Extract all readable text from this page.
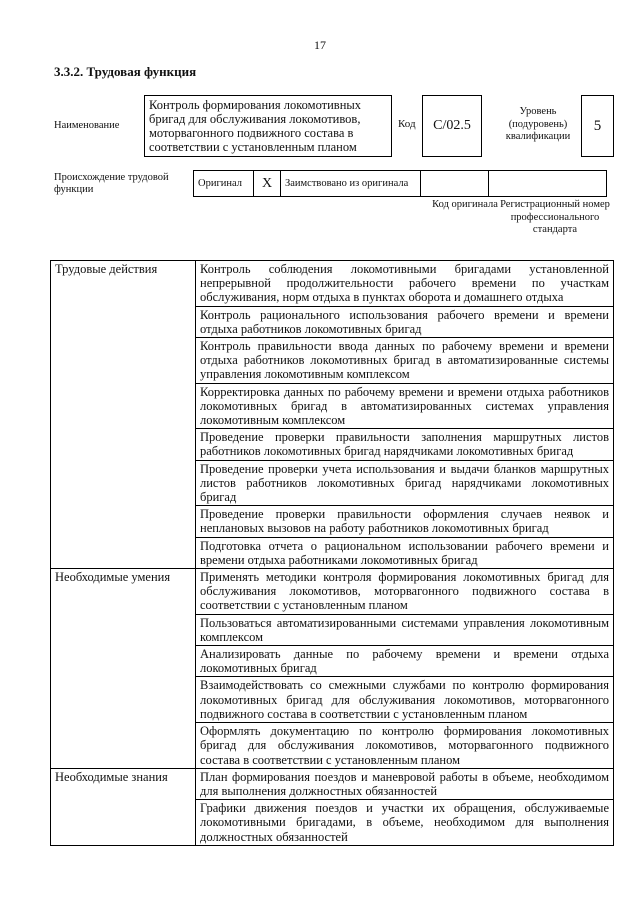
17
3.3.2. Трудовая функция
Наименование
Контроль формирования локомотивных бригад для обслуживания локомотивов, моторвагонного подвижного состава в соответствии с установленным планом
Код	С/02.5
Уровень (подуровень) квалификации
5
Происхождение трудовой функции
Оригинал	Х	Заимствовано из оригинала		
Код оригинала Регистрационный номер профессионального стандарта
Трудовые действия	Контроль соблюдения локомотивными бригадами установленной непрерывной продолжительности рабочего времени по участкам обслуживания, норм отдыха в пунктах оборота и домашнего отдыха
	Контроль рационального использования рабочего времени и времени отдыха работников локомотивных бригад
	Контроль правильности ввода данных по рабочему времени и времени отдыха работников локомотивных бригад в автоматизированные системы управления локомотивным комплексом
	Корректировка данных по рабочему времени и времени отдыха работников локомотивных бригад в автоматизированных системах управления локомотивным комплексом
	Проведение проверки правильности заполнения маршрутных листов работников локомотивных бригад нарядчиками локомотивных бригад
	Проведение проверки учета использования и выдачи бланков маршрутных листов работников локомотивных бригад нарядчиками локомотивных бригад
	Проведение проверки правильности оформления случаев неявок и неплановых вызовов на работу работников локомотивных бригад
	Подготовка отчета о рациональном использовании рабочего времени и времени отдыха работниками локомотивных бригад
Необходимые умения	Применять методики контроля формирования локомотивных бригад для обслуживания локомотивов, моторвагонного подвижного состава в соответствии с установленным планом
	Пользоваться автоматизированными системами управления локомотивным комплексом
	Анализировать данные по рабочему времени и времени отдыха локомотивных бригад
	Взаимодействовать со смежными службами по контролю формирования локомотивных бригад для обслуживания локомотивов, моторвагонного подвижного состава в соответствии с установленным планом
	Оформлять документацию по контролю формирования локомотивных бригад для обслуживания локомотивов, моторвагонного подвижного состава в соответствии с установленным планом
Необходимые знания	План формирования поездов и маневровой работы в объеме, необходимом для выполнения должностных обязанностей
	Графики движения поездов и участки их обращения, обслуживаемые локомотивными бригадами, в объеме, необходимом для выполнения должностных обязанностей
